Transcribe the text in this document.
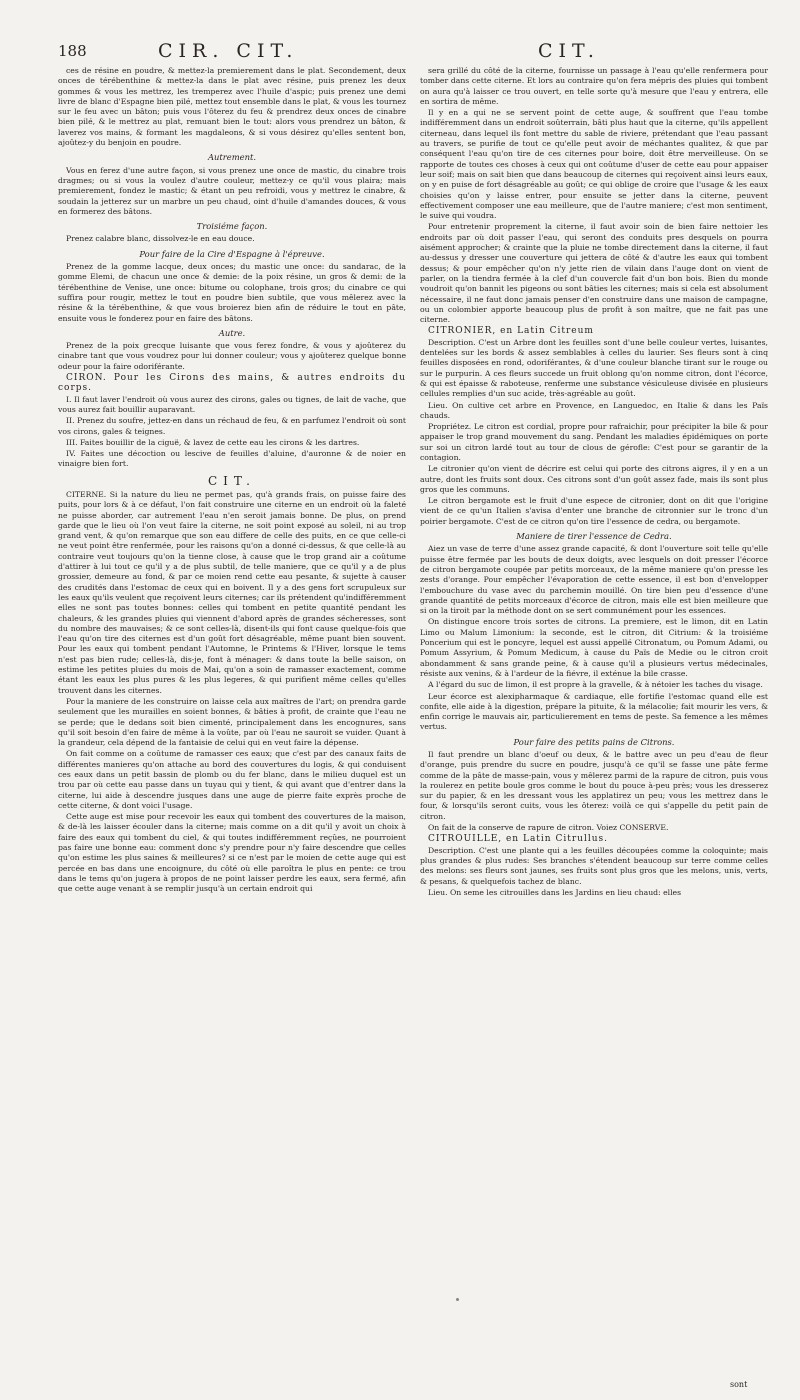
188	CIR. CIT.	CIT.

ces de résine en poudre, & mettez-la premierement dans le plat. Secondement, deux onces de térébenthine & mettez-la dans le plat avec résine, puis prenez les deux gommes & vous les mettrez, les tremperez avec l'huile d'aspic; puis prenez une demi livre de blanc d'Espagne bien pilé, mettez tout ensemble dans le plat, & vous les tournez sur le feu avec un bâton; puis vous l'ôterez du feu & prendrez deux onces de cinabre bien pilé, & le mettrez au plat, remuant bien le tout: alors vous prendrez un bâton, & laverez vos mains, & formant les magdaleons, & si vous désirez qu'elles sentent bon, ajoûtez-y du benjoin en poudre.

Autrement.

Vous en ferez d'une autre façon, si vous prenez une once de mastic, du cinabre trois dragmes; ou si vous la voulez d'autre couleur, mettez-y ce qu'il vous plaira; mais premierement, fondez le mastic; & étant un peu refroidi, vous y mettrez le cinabre, & soudain la jetterez sur un marbre un peu chaud, oint d'huile d'amandes douces, & vous en formerez des bâtons.

Troisiéme façon.

Prenez calabre blanc, dissolvez-le en eau douce.

Pour faire de la Cire d'Espagne à l'épreuve.

Prenez de la gomme lacque, deux onces; du mastic une once: du sandarac, de la gomme Elemi, de chacun une once & demie: de la poix résine, un gros & demi: de la térébenthine de Venise, une once: bitume ou colophane, trois gros; du cinabre ce qui suffira pour rougir, mettez le tout en poudre bien subtile, que vous mêlerez avec la résine & la térébenthine, & que vous broierez bien afin de réduire le tout en pâte, ensuite vous le fonderez pour en faire des bâtons.

Autre.

Prenez de la poix grecque luisante que vous ferez fondre, & vous y ajoûterez du cinabre tant que vous voudrez pour lui donner couleur; vous y ajoûterez quelque bonne odeur pour la faire odoriférante.

CIRON. Pour les Cirons des mains, & autres endroits du corps.

I. Il faut laver l'endroit où vous aurez des cirons, gales ou tignes, de lait de vache, que vous aurez fait bouillir auparavant.

II. Prenez du soufre, jettez-en dans un réchaud de feu, & en parfumez l'endroit où sont vos cirons, gales & teignes.

III. Faites bouillir de la ciguë, & lavez de cette eau les cirons & les dartres.

IV. Faites une décoction ou lescive de feuilles d'aluine, d'auronne & de noier en vinaigre bien fort.

CIT.

CITERNE. Si la nature du lieu ne permet pas, qu'à grands frais, on puisse faire des puits, pour lors & à ce défaut, l'on fait construire une citerne en un endroit où la faleté ne puisse aborder, car autrement l'eau n'en seroit jamais bonne. De plus, on prend garde que le lieu où l'on veut faire la citerne, ne soit point exposé au soleil, ni au trop grand vent, & qu'on remarque que son eau differe de celle des puits, en ce que celle-ci ne veut point être renfermée, pour les raisons qu'on a donné ci-dessus, & que celle-là au contraire veut toujours qu'on la tienne close, à cause que le trop grand air a coûtume d'attirer à lui tout ce qu'il y a de plus subtil, de telle maniere, que ce qu'il y a de plus grossier, demeure au fond, & par ce moien rend cette eau pesante, & sujette à causer des crudités dans l'estomac de ceux qui en boivent. Il y a des gens fort scrupuleux sur les eaux qu'ils veulent que reçoivent leurs citernes; car ils prétendent qu'indifféremment elles ne sont pas toutes bonnes: celles qui tombent en petite quantité pendant les chaleurs, & les grandes pluies qui viennent d'abord après de grandes sécheresses, sont du nombre des mauvaises; & ce sont celles-là, disent-ils qui font cause quelque-fois que l'eau qu'on tire des citernes est d'un goût fort désagréable, même puant bien souvent. Pour les eaux qui tombent pendant l'Automne, le Printems & l'Hiver, lorsque le tems n'est pas bien rude; celles-là, dis-je, font à ménager: & dans toute la belle saison, on estime les petites pluies du mois de Mai, qu'on a soin de ramasser exactement, comme étant les eaux les plus pures & les plus legeres, & qui purifient même celles qu'elles trouvent dans les citernes.

Pour la maniere de les construire on laisse cela aux maîtres de l'art; on prendra garde seulement que les murailles en soient bonnes, & bâties à profit, de crainte que l'eau ne se perde; que le dedans soit bien cimenté, principalement dans les encognures, sans qu'il soit besoin d'en faire de même à la voûte, par où l'eau ne sauroit se vuider. Quant à la grandeur, cela dépend de la fantaisie de celui qui en veut faire la dépense.

On fait comme on a coûtume de ramasser ces eaux; que c'est par des canaux faits de différentes manieres qu'on attache au bord des couvertures du logis, & qui conduisent ces eaux dans un petit bassin de plomb ou du fer blanc, dans le milieu duquel est un trou par où cette eau passe dans un tuyau qui y tient, & qui avant que d'entrer dans la citerne, lui aide à descendre jusques dans une auge de pierre faite exprès proche de cette citerne, & dont voici l'usage.

Cette auge est mise pour recevoir les eaux qui tombent des couvertures de la maison, & de-là les laisser écouler dans la citerne; mais comme on a dit qu'il y avoit un choix à faire des eaux qui tombent du ciel, & qui toutes indifféremment reçûes, ne pourroient pas faire une bonne eau: comment donc s'y prendre pour n'y faire descendre que celles qu'on estime les plus saines & meilleures? si ce n'est par le moien de cette auge qui est percée en bas dans une encoignure, du côté où elle paroîtra le plus en pente: ce trou dans le tems qu'on jugera à propos de ne point laisser perdre les eaux, sera fermé, afin que cette auge venant à se remplir jusqu'à un certain endroit qui

sera grillé du côté de la citerne, fournisse un passage à l'eau qu'elle renfermera pour tomber dans cette citerne. Et lors au contraire qu'on fera mépris des pluies qui tombent on aura qu'à laisser ce trou ouvert, en telle sorte qu'à mesure que l'eau y entrera, elle en sortira de même.

Il y en a qui ne se servent point de cette auge, & souffrent que l'eau tombe indifféremment dans un endroit soûterrain, bâti plus haut que la citerne, qu'ils appellent citerneau, dans lequel ils font mettre du sable de riviere, prétendant que l'eau passant au travers, se purifie de tout ce qu'elle peut avoir de méchantes qualitez, & que par conséquent l'eau qu'on tire de ces citernes pour boire, doit être merveilleuse. On se rapporte de toutes ces choses à ceux qui ont coûtume d'user de cette eau pour appaiser leur soif; mais on sait bien que dans beaucoup de citernes qui reçoivent ainsi leurs eaux, on y en puise de fort désagréable au goût; ce qui oblige de croire que l'usage & les eaux choisies qu'on y laisse entrer, pour ensuite se jetter dans la citerne, peuvent effectivement composer une eau meilleure, que de l'autre maniere; c'est mon sentiment, le suive qui voudra.

Pour entretenir proprement la citerne, il faut avoir soin de bien faire nettoier les endroits par où doit passer l'eau, qui seront des conduits pres desquels on pourra aisément approcher; & crainte que la pluie ne tombe directement dans la citerne, il faut au-dessus y dresser une couverture qui jettera de côté & d'autre les eaux qui tombent dessus; & pour empêcher qu'on n'y jette rien de vilain dans l'auge dont on vient de parler, on la tiendra fermée à la clef d'un couvercle fait d'un bon bois. Bien du monde voudroit qu'on bannit les pigeons ou sont bâties les citernes; mais si cela est absolument nécessaire, il ne faut donc jamais penser d'en construire dans une maison de campagne, ou un colombier apporte beaucoup plus de profit à son maître, que ne fait pas une citerne.

CITRONIER, en Latin Citreum

Description. C'est un Arbre dont les feuilles sont d'une belle couleur vertes, luisantes, dentelées sur les bords & assez semblables à celles du laurier. Ses fleurs sont à cinq feuilles disposées en rond, odoriférantes, & d'une couleur blanche tirant sur le rouge ou sur le purpurin. A ces fleurs succede un fruit oblong qu'on nomme citron, dont l'écorce, & qui est épaisse & raboteuse, renferme une substance vésiculeuse divisée en plusieurs cellules remplies d'un suc acide, très-agréable au goût.

Lieu. On cultive cet arbre en Provence, en Languedoc, en Italie & dans les Païs chauds.

Propriétez. Le citron est cordial, propre pour rafraichir, pour précipiter la bile & pour appaiser le trop grand mouvement du sang. Pendant les maladies épidémiques on porte sur soi un citron lardé tout au tour de clous de gérofle: C'est pour se garantir de la contagion.

Le citronier qu'on vient de décrire est celui qui porte des citrons aigres, il y en a un autre, dont les fruits sont doux. Ces citrons sont d'un goût assez fade, mais ils sont plus gros que les communs.

Le citron bergamote est le fruit d'une espece de citronier, dont on dit que l'origine vient de ce qu'un Italien s'avisa d'enter une branche de citronnier sur le tronc d'un poirier bergamote. C'est de ce citron qu'on tire l'essence de cedra, ou bergamote.

Maniere de tirer l'essence de Cedra.

Aiez un vase de terre d'une assez grande capacité, & dont l'ouverture soit telle qu'elle puisse être fermée par les bouts de deux doigts, avec lesquels on doit presser l'écorce de citron bergamote coupée par petits morceaux, de la même maniere qu'on presse les zests d'orange. Pour empêcher l'évaporation de cette essence, il est bon d'envelopper l'embouchure du vase avec du parchemin mouillé. On tire bien peu d'essence d'une grande quantité de petits morceaux d'écorce de citron, mais elle est bien meilleure que si on la tiroit par la méthode dont on se sert communément pour les essences.

On distingue encore trois sortes de citrons. La premiere, est le limon, dit en Latin Limo ou Malum Limonium: la seconde, est le citron, dit Citrium: & la troisiéme Poncerium qui est le poncyre, lequel est aussi appellé Citronatum, ou Pomum Adami, ou Pomum Assyrium, & Pomum Medicum, à cause du Païs de Medie ou le citron croit abondamment & sans grande peine, & à cause qu'il a plusieurs vertus médecinales, résiste aux venins, & à l'ardeur de la fiévre, il exténue la bile crasse.

A l'égard du suc de limon, il est propre à la gravelle, & à nétoier les taches du visage.

Leur écorce est alexipharmaque & cardiaque, elle fortifie l'estomac quand elle est confite, elle aide à la digestion, prépare la pituite, & la mélacolie; fait mourir les vers, & enfin corrige le mauvais air, particulierement en tems de peste. Sa femence a les mêmes vertus.

Pour faire des petits pains de Citrons.

Il faut prendre un blanc d'oeuf ou deux, & le battre avec un peu d'eau de fleur d'orange, puis prendre du sucre en poudre, jusqu'à ce qu'il se fasse une pâte ferme comme de la pâte de masse-pain, vous y mêlerez parmi de la rapure de citron, puis vous la roulerez en petite boule gros comme le bout du pouce à-peu près; vous les dresserez sur du papier, & en les dressant vous les applatirez un peu; vous les mettrez dans le four, & lorsqu'ils seront cuits, vous les ôterez: voilà ce qui s'appelle du petit pain de citron.

On fait de la conserve de rapure de citron. Voiez CONSERVE.

CITROUILLE, en Latin Citrullus.

Description. C'est une plante qui a les feuilles découpées comme la coloquinte; mais plus grandes & plus rudes: Ses branches s'étendent beaucoup sur terre comme celles des melons: ses fleurs sont jaunes, ses fruits sont plus gros que les melons, unis, verts, & pesans, & quelquefois tachez de blanc.

Lieu. On seme les citrouilles dans les Jardins en lieu chaud: elles

sont
